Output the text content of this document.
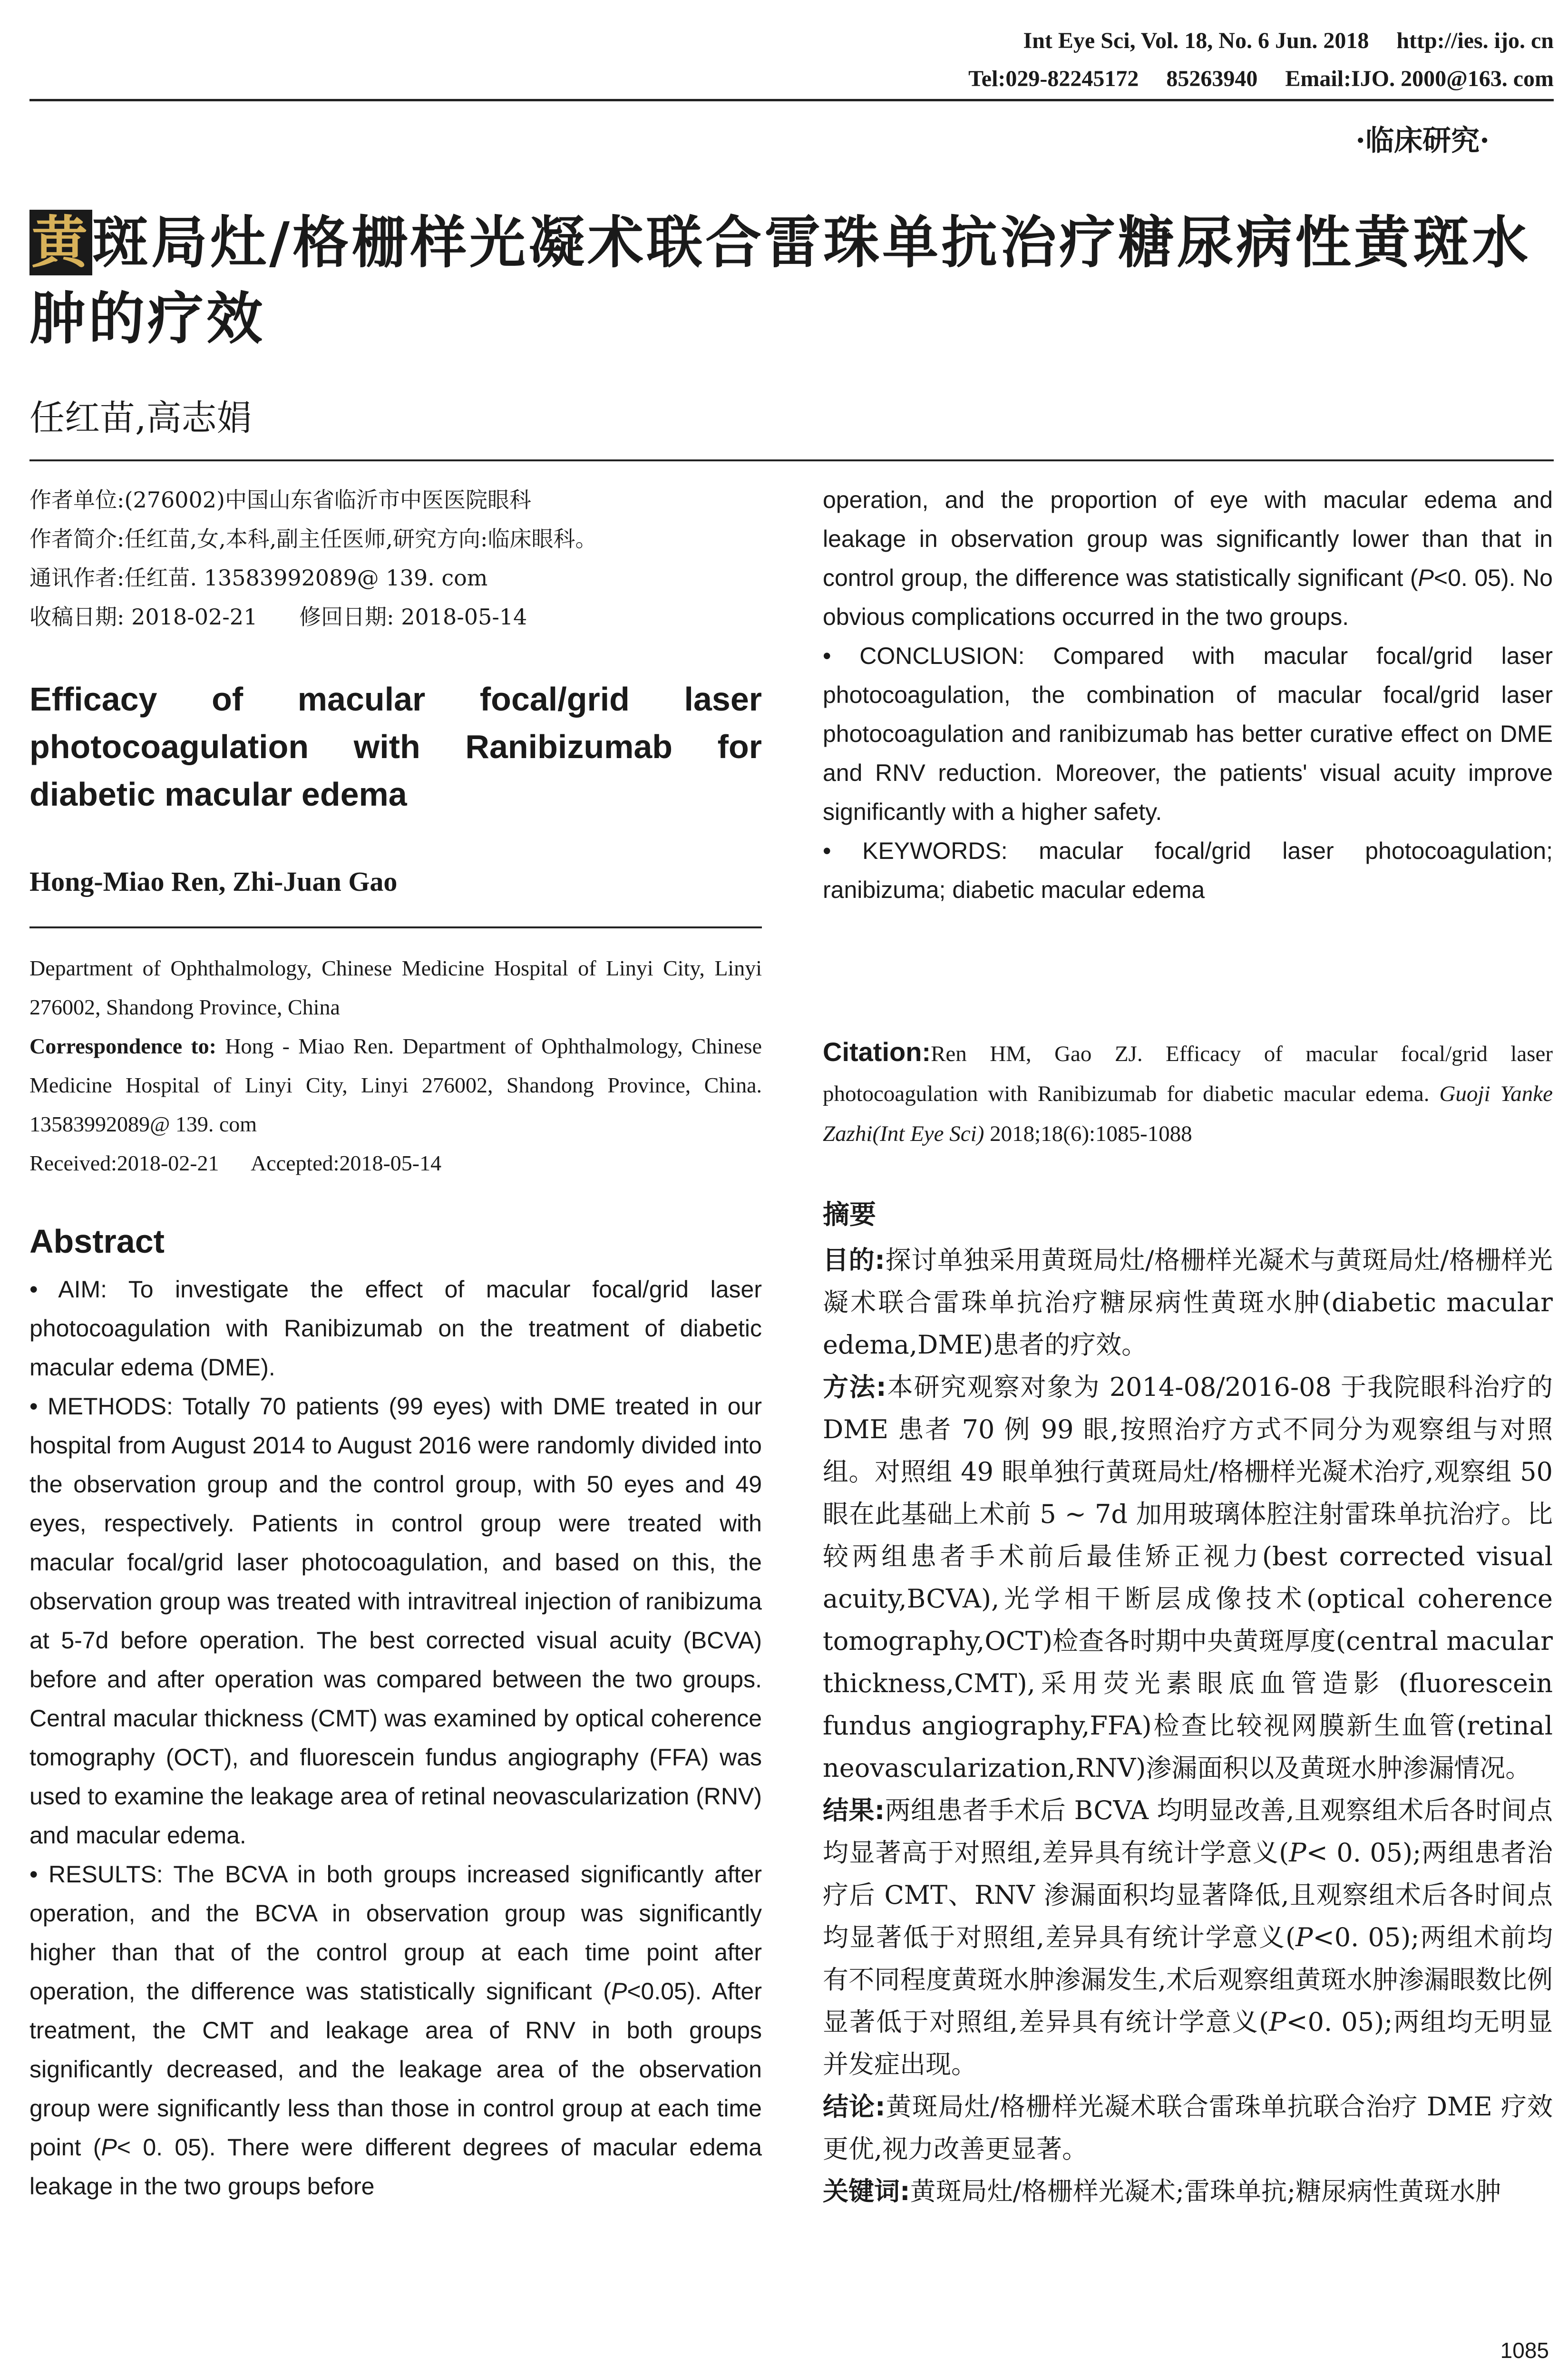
Int Eye Sci, Vol. 18, No. 6 Jun. 2018 http://ies. ijo. cn
Tel:029-82245172 85263940 Email:IJO. 2000@163. com
·临床研究·
黄斑局灶/格栅样光凝术联合雷珠单抗治疗糖尿病性黄斑水肿的疗效
任红苗,高志娟
作者单位:(276002)中国山东省临沂市中医医院眼科
作者简介:任红苗,女,本科,副主任医师,研究方向:临床眼科。
通讯作者:任红苗. 13583992089@ 139. com
收稿日期: 2018-02-21      修回日期: 2018-05-14
Efficacy of macular focal/grid laser photocoagulation with Ranibizumab for diabetic macular edema
Hong-Miao Ren, Zhi-Juan Gao
Department of Ophthalmology, Chinese Medicine Hospital of Linyi City, Linyi 276002, Shandong Province, China
Correspondence to: Hong - Miao Ren. Department of Ophthalmology, Chinese Medicine Hospital of Linyi City, Linyi 276002, Shandong Province, China. 13583992089@ 139. com
Received:2018-02-21      Accepted:2018-05-14
Abstract

• AIM: To investigate the effect of macular focal/grid laser photocoagulation with Ranibizumab on the treatment of diabetic macular edema (DME).

• METHODS: Totally 70 patients (99 eyes) with DME treated in our hospital from August 2014 to August 2016 were randomly divided into the observation group and the control group, with 50 eyes and 49 eyes, respectively. Patients in control group were treated with macular focal/grid laser photocoagulation, and based on this, the observation group was treated with intravitreal injection of ranibizuma at 5-7d before operation. The best corrected visual acuity (BCVA) before and after operation was compared between the two groups. Central macular thickness (CMT) was examined by optical coherence tomography (OCT), and fluorescein fundus angiography (FFA) was used to examine the leakage area of retinal neovascularization (RNV) and macular edema.

• RESULTS: The BCVA in both groups increased significantly after operation, and the BCVA in observation group was significantly higher than that of the control group at each time point after operation, the difference was statistically significant (P<0.05). After treatment, the CMT and leakage area of RNV in both groups significantly decreased, and the leakage area of the observation group were significantly less than those in control group at each time point (P< 0. 05). There were different degrees of macular edema leakage in the two groups before

operation, and the proportion of eye with macular edema and leakage in observation group was significantly lower than that in control group, the difference was statistically significant (P<0. 05). No obvious complications occurred in the two groups.

• CONCLUSION: Compared with macular focal/grid laser photocoagulation, the combination of macular focal/grid laser photocoagulation and ranibizumab has better curative effect on DME and RNV reduction. Moreover, the patients' visual acuity improve significantly with a higher safety.

• KEYWORDS: macular focal/grid laser photocoagulation; ranibizuma; diabetic macular edema

Citation:Ren HM, Gao ZJ. Efficacy of macular focal/grid laser photocoagulation with Ranibizumab for diabetic macular edema. Guoji Yanke Zazhi(Int Eye Sci) 2018;18(6):1085-1088

摘要

目的:探讨单独采用黄斑局灶/格栅样光凝术与黄斑局灶/格栅样光凝术联合雷珠单抗治疗糖尿病性黄斑水肿(diabetic macular edema,DME)患者的疗效。

方法:本研究观察对象为 2014-08/2016-08 于我院眼科治疗的 DME 患者 70 例 99 眼,按照治疗方式不同分为观察组与对照组。对照组 49 眼单独行黄斑局灶/格栅样光凝术治疗,观察组 50 眼在此基础上术前 5 ~ 7d 加用玻璃体腔注射雷珠单抗治疗。比较两组患者手术前后最佳矫正视力(best corrected visual acuity,BCVA),光学相干断层成像技术(optical coherence tomography,OCT)检查各时期中央黄斑厚度(central macular thickness,CMT),采用荧光素眼底血管造影 (fluorescein fundus angiography,FFA)检查比较视网膜新生血管(retinal neovascularization,RNV)渗漏面积以及黄斑水肿渗漏情况。

结果:两组患者手术后 BCVA 均明显改善,且观察组术后各时间点均显著高于对照组,差异具有统计学意义(P< 0. 05);两组患者治疗后 CMT、RNV 渗漏面积均显著降低,且观察组术后各时间点均显著低于对照组,差异具有统计学意义(P<0. 05);两组术前均有不同程度黄斑水肿渗漏发生,术后观察组黄斑水肿渗漏眼数比例显著低于对照组,差异具有统计学意义(P<0. 05);两组均无明显并发症出现。

结论:黄斑局灶/格栅样光凝术联合雷珠单抗联合治疗 DME 疗效更优,视力改善更显著。

关键词:黄斑局灶/格栅样光凝术;雷珠单抗;糖尿病性黄斑水肿

1085
